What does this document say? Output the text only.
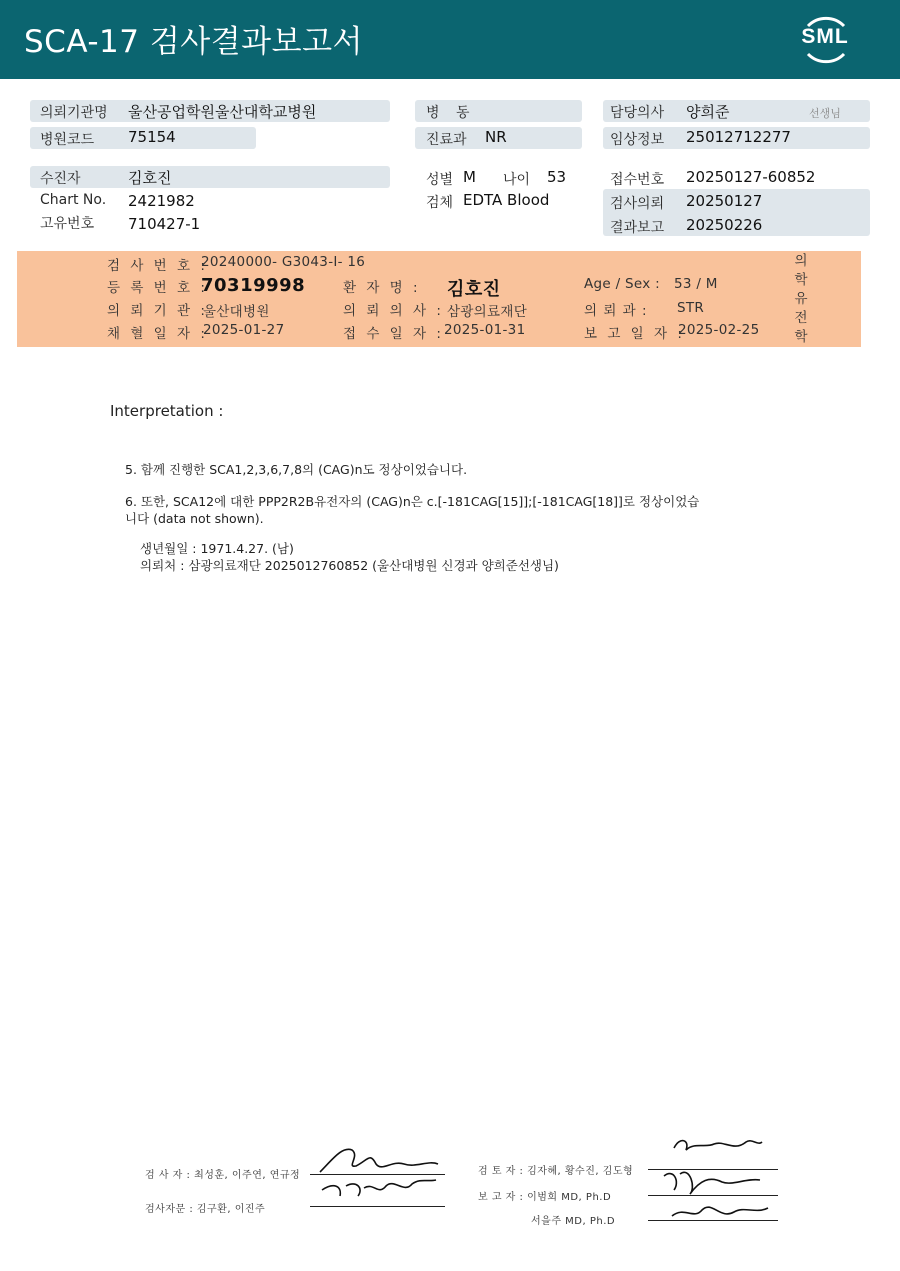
SCA-17 검사결과보고서	SML
의뢰기관명 울산공업학원울산대학교병원
병원코드 75154
수진자	김호진
Chart No. 2421982
고유번호 710427-1
병 동
진료과 NR
성별 M 나이 53
검체 EDTA Blood
담당의사 양희준	선생님
임상정보 25012712277
접수번호 20250127-60852
검사의뢰 20250127
결과보고 20250226
검 사 번 호 :
20240000- G3043-I- 16
등 록 번 호 :
70319998	환 자 명 : 김호진	Age / Sex : 53 / M
의 뢰 기 관 :
울산대병원	의 뢰 의 사 : 삼광의료재단	의 뢰 과 : STR
채 혈 일 자 :
2025-01-27	접 수 일 자 : 2025-01-31	보 고 일 자 :
2025-02-25
의
학
유
전
학
Interpretation :
5. 함께 진행한 SCA1,2,3,6,7,8의 (CAG)n도 정상이었습니다.
6. 또한, SCA12에 대한 PPP2R2B유전자의 (CAG)n은 c.[-181CAG[15]];[-181CAG[18]]로 정상이었습
니다 (data not shown).
생년월일 : 1971.4.27. (남)
의뢰처 : 삼광의료재단 2025012760852 (울산대병원 신경과 양희준선생님)
검 사 자 : 최성훈, 이주연, 연규정
검사자문 : 김구환, 이진주
검 토 자 : 김자혜, 황수진, 김도형
보 고 자 : 이범희 MD, Ph.D
서을주 MD, Ph.D
